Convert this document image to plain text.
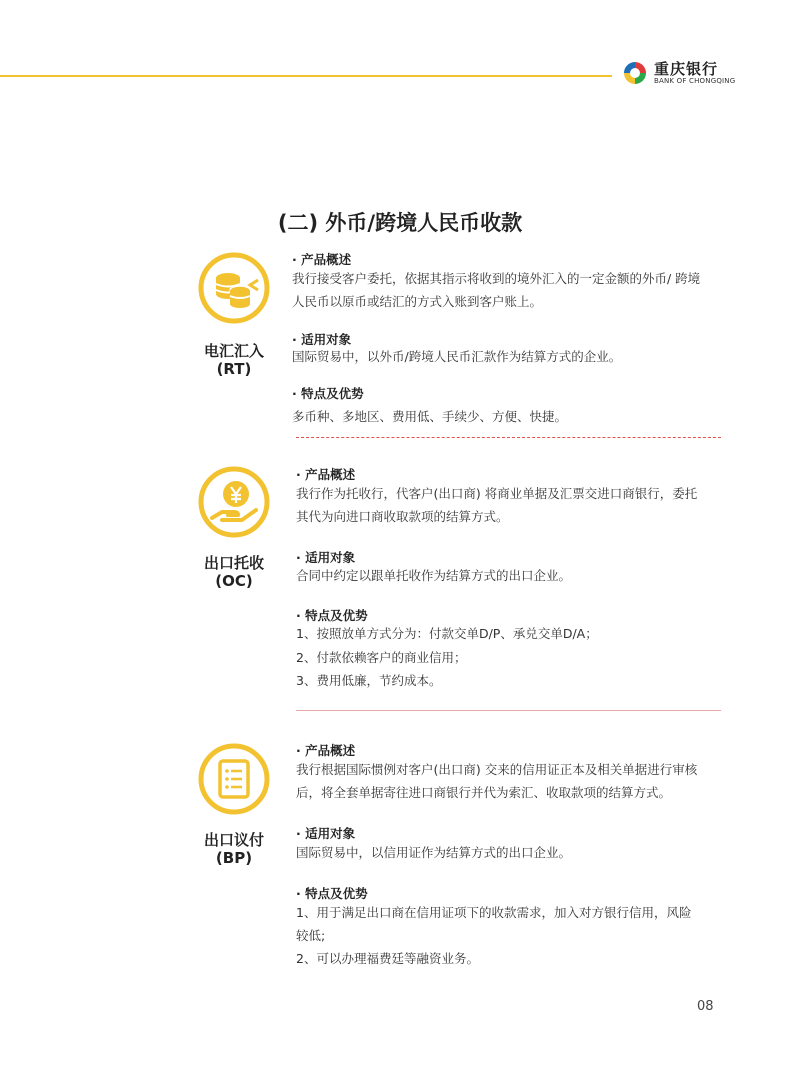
重庆银行
BANK OF CHONGQING
(二) 外币/跨境人民币收款
电汇汇入
(RT)
· 产品概述
我行接受客户委托，依据其指示将收到的境外汇入的一定金额的外币/ 跨境
人民币以原币或结汇的方式入账到客户账上。
· 适用对象
国际贸易中，以外币/跨境人民币汇款作为结算方式的企业。
· 特点及优势
多币种、多地区、费用低、手续少、方便、快捷。
出口托收
(OC)
· 产品概述
我行作为托收行，代客户(出口商) 将商业单据及汇票交进口商银行，委托
其代为向进口商收取款项的结算方式。
· 适用对象
合同中约定以跟单托收作为结算方式的出口企业。
· 特点及优势
1、按照放单方式分为：付款交单D/P、承兑交单D/A；
2、付款依赖客户的商业信用；
3、费用低廉，节约成本。
出口议付
(BP)
· 产品概述
我行根据国际惯例对客户(出口商) 交来的信用证正本及相关单据进行审核
后，将全套单据寄往进口商银行并代为索汇、收取款项的结算方式。
· 适用对象
国际贸易中，以信用证作为结算方式的出口企业。
· 特点及优势
1、用于满足出口商在信用证项下的收款需求，加入对方银行信用，风险
较低;
2、可以办理福费廷等融资业务。
08
